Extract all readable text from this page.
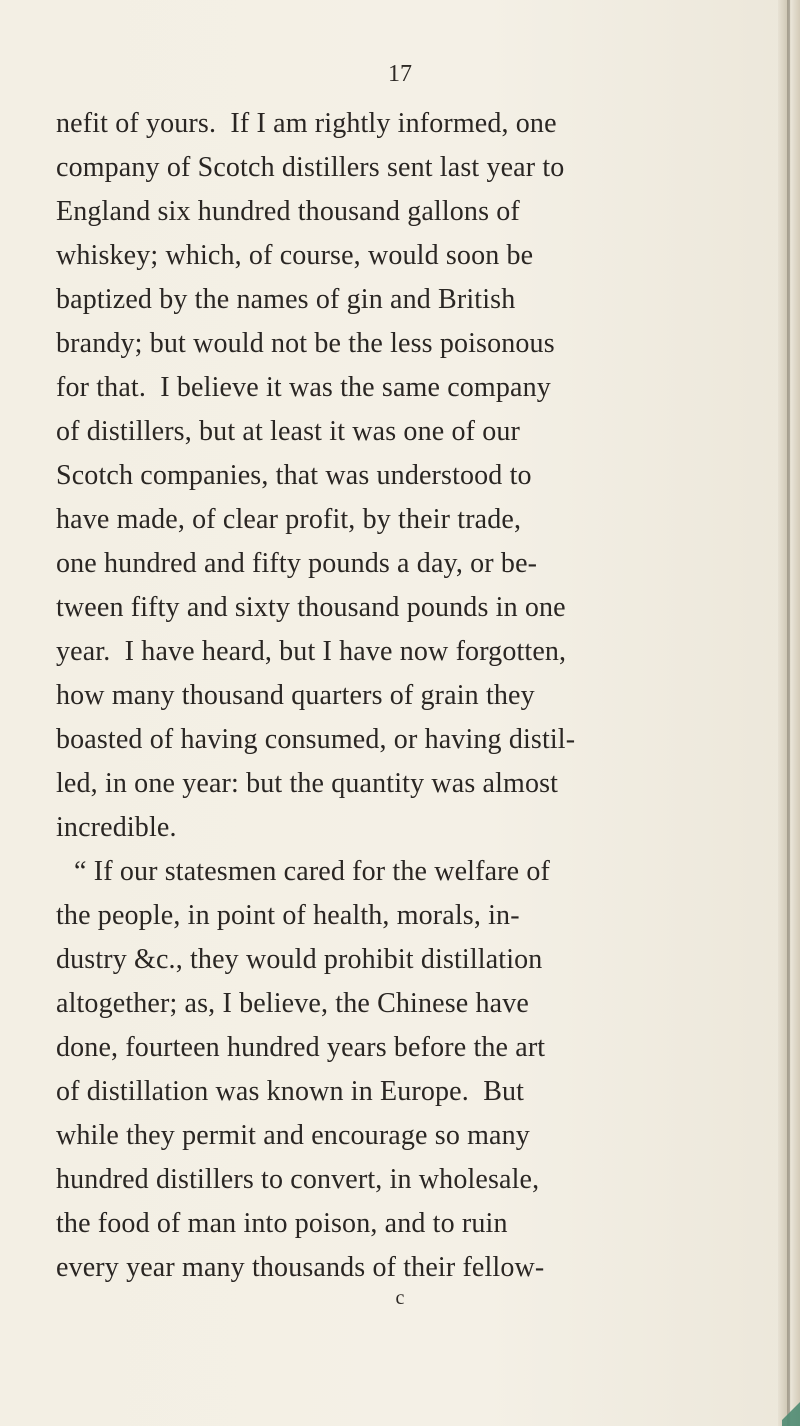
17
nefit of yours.  If I am rightly informed, one
company of Scotch distillers sent last year to
England six hundred thousand gallons of
whiskey; which, of course, would soon be
baptized by the names of gin and British
brandy; but would not be the less poisonous
for that.  I believe it was the same company
of distillers, but at least it was one of our
Scotch companies, that was understood to
have made, of clear profit, by their trade,
one hundred and fifty pounds a day, or be-
tween fifty and sixty thousand pounds in one
year.  I have heard, but I have now forgotten,
how many thousand quarters of grain they
boasted of having consumed, or having distil-
led, in one year: but the quantity was almost
incredible.
“ If our statesmen cared for the welfare of
the people, in point of health, morals, in-
dustry &c., they would prohibit distillation
altogether; as, I believe, the Chinese have
done, fourteen hundred years before the art
of distillation was known in Europe.  But
while they permit and encourage so many
hundred distillers to convert, in wholesale,
the food of man into poison, and to ruin
every year many thousands of their fellow-
c
